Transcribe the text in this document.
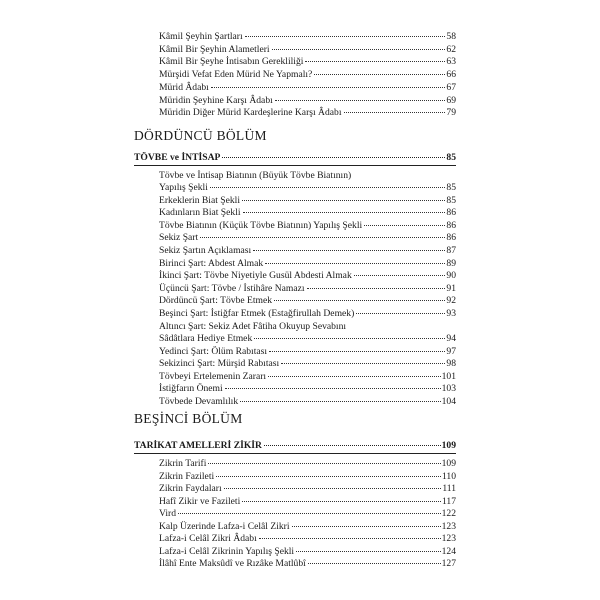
Kâmil Şeyhin Şartları	58
Kâmil Bir Şeyhin Alametleri	62
Kâmil Bir Şeyhe İntisabın Gerekliliği	63
Mürşidi Vefat Eden Mürid Ne Yapmalı?	66
Mürid Âdabı	67
Müridin Şeyhine Karşı Âdabı	69
Müridin Diğer Mürid Kardeşlerine Karşı Âdabı	79
DÖRDÜNCÜ BÖLÜM
TÖVBE ve İNTİSAP	85
Tövbe ve İntisap Biatının (Büyük Tövbe Biatının)
Yapılış Şekli	85
Erkeklerin Biat Şekli	85
Kadınların Biat Şekli	86
Tövbe Biatının (Küçük Tövbe Biatının) Yapılış Şekli	86
Sekiz Şart	86
Sekiz Şartın Açıklaması	87
Birinci Şart: Abdest Almak	89
İkinci Şart: Tövbe Niyetiyle Gusül Abdesti Almak	90
Üçüncü Şart: Tövbe / İstihâre Namazı	91
Dördüncü Şart: Tövbe Etmek	92
Beşinci Şart: İstiğfar Etmek (Estağfirullah Demek)	93
Altıncı Şart: Sekiz Adet Fâtiha Okuyup Sevabını
Sâdâtlara Hediye Etmek	94
Yedinci Şart: Ölüm Rabıtası	97
Sekizinci Şart: Mürşid Rabıtası	98
Tövbeyi Ertelemenin Zararı	101
İstiğfarın Önemi	103
Tövbede Devamlılık	104
BEŞİNCİ BÖLÜM
TARİKAT AMELLERİ ZİKİR	109
Zikrin Tarifi	109
Zikrin Fazileti	110
Zikrin Faydaları	111
Hafî Zikir ve Fazileti	117
Vird	122
Kalp Üzerinde Lafza-i Celâl Zikri	123
Lafza-i Celâl Zikri Âdabı	123
Lafza-i Celâl Zikrinin Yapılış Şekli	124
İlâhî Ente Maksûdî ve Rızâke Matlûbî	127
